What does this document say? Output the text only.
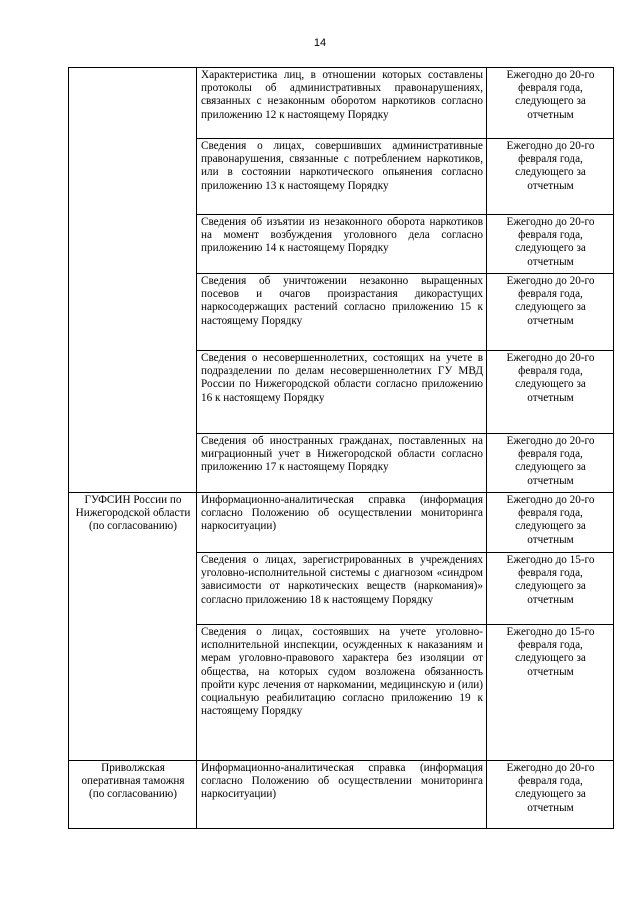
14
	Характеристика лиц, в отношении которых составлены протоколы об административных правонарушениях, связанных с незаконным оборотом наркотиков согласно приложению 12 к настоящему Порядку	Ежегодно до 20-го февраля года, следующего за отчетным
	Сведения о лицах, совершивших административные правонарушения, связанные с потреблением наркотиков, или в состоянии наркотического опьянения согласно приложению 13 к настоящему Порядку	Ежегодно до 20-го февраля года, следующего за отчетным
	Сведения об изъятии из незаконного оборота наркотиков на момент возбуждения уголовного дела согласно приложению 14 к настоящему Порядку	Ежегодно до 20-го февраля года, следующего за отчетным
	Сведения об уничтожении незаконно выращенных посевов и очагов произрастания дикорастущих наркосодержащих растений согласно приложению 15 к настоящему Порядку	Ежегодно до 20-го февраля года, следующего за отчетным
	Сведения о несовершеннолетних, состоящих на учете в подразделении по делам несовершеннолетних ГУ МВД России по Нижегородской области согласно приложению 16 к настоящему Порядку	Ежегодно до 20-го февраля года, следующего за отчетным
	Сведения об иностранных гражданах, поставленных на миграционный учет в Нижегородской области согласно приложению 17 к настоящему Порядку	Ежегодно до 20-го февраля года, следующего за отчетным
ГУФСИН России по Нижегородской области (по согласованию)	Информационно-аналитическая справка (информация согласно Положению об осуществлении мониторинга наркоситуации)	Ежегодно до 20-го февраля года, следующего за отчетным
	Сведения о лицах, зарегистрированных в учреждениях уголовно-исполнительной системы с диагнозом «синдром зависимости от наркотических веществ (наркомания)» согласно приложению 18 к настоящему Порядку	Ежегодно до 15-го февраля года, следующего за отчетным
	Сведения о лицах, состоявших на учете уголовно-исполнительной инспекции, осужденных к наказаниям и мерам уголовно-правового характера без изоляции от общества, на которых судом возложена обязанность пройти курс лечения от наркомании, медицинскую и (или) социальную реабилитацию согласно приложению 19 к настоящему Порядку	Ежегодно до 15-го февраля года, следующего за отчетным
Приволжская оперативная таможня (по согласованию)	Информационно-аналитическая справка (информация согласно Положению об осуществлении мониторинга наркоситуации)	Ежегодно до 20-го февраля года, следующего за отчетным
